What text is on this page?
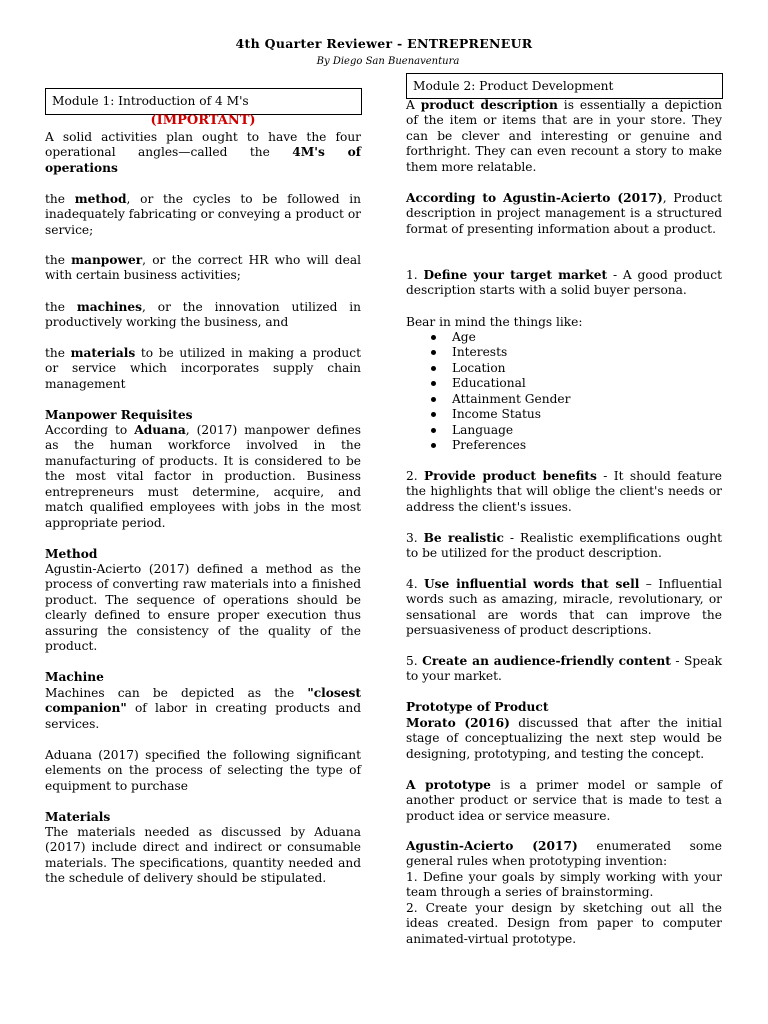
4th Quarter Reviewer - ENTREPRENEUR
By Diego San Buenaventura
Module 1: Introduction of 4 M's
(IMPORTANT)
A solid activities plan ought to have the four operational angles—called the 4M's of operations
the method, or the cycles to be followed in inadequately fabricating or conveying a product or service;
the manpower, or the correct HR who will deal with certain business activities;
the machines, or the innovation utilized in productively working the business, and
the materials to be utilized in making a product or service which incorporates supply chain management
Manpower Requisites
According to Aduana, (2017) manpower defines as the human workforce involved in the manufacturing of products. It is considered to be the most vital factor in production. Business entrepreneurs must determine, acquire, and match qualified employees with jobs in the most appropriate period.
Method
Agustin-Acierto (2017) defined a method as the process of converting raw materials into a finished product. The sequence of operations should be clearly defined to ensure proper execution thus assuring the consistency of the quality of the product.
Machine
Machines can be depicted as the "closest companion" of labor in creating products and services.
Aduana (2017) specified the following significant elements on the process of selecting the type of equipment to purchase
Materials
The materials needed as discussed by Aduana (2017) include direct and indirect or consumable materials. The specifications, quantity needed and the schedule of delivery should be stipulated.
Module 2: Product Development
A product description is essentially a depiction of the item or items that are in your store. They can be clever and interesting or genuine and forthright. They can even recount a story to make them more relatable.
According to Agustin-Acierto (2017), Product description in project management is a structured format of presenting information about a product.
1. Define your target market - A good product description starts with a solid buyer persona.
Bear in mind the things like:
Age
Interests
Location
Educational
Attainment Gender
Income Status
Language
Preferences
2. Provide product benefits - It should feature the highlights that will oblige the client's needs or address the client's issues.
3. Be realistic - Realistic exemplifications ought to be utilized for the product description.
4. Use influential words that sell – Influential words such as amazing, miracle, revolutionary, or sensational are words that can improve the persuasiveness of product descriptions.
5. Create an audience-friendly content - Speak to your market.
Prototype of Product
Morato (2016) discussed that after the initial stage of conceptualizing the next step would be designing, prototyping, and testing the concept.
A prototype is a primer model or sample of another product or service that is made to test a product idea or service measure.
Agustin-Acierto (2017) enumerated some general rules when prototyping invention:
1. Define your goals by simply working with your team through a series of brainstorming.
2. Create your design by sketching out all the ideas created. Design from paper to computer animated-virtual prototype.
